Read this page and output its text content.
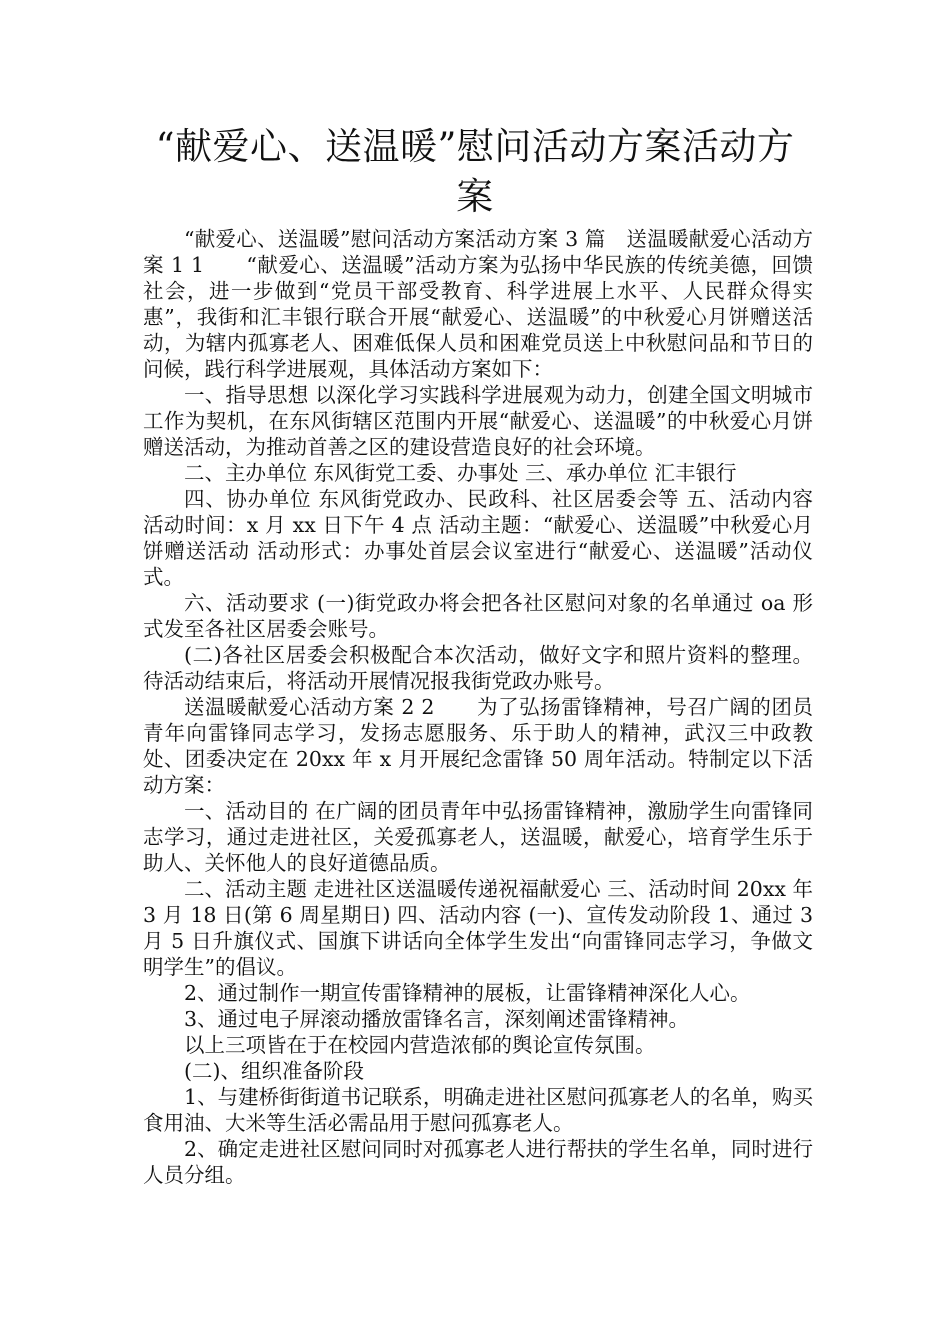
“献爱心、送温暖”慰问活动方案活动方案

“献爱心、送温暖”慰问活动方案活动方案 3 篇　送温暖献爱心活动方案 1 1　　“献爱心、送温暖”活动方案为弘扬中华民族的传统美德，回馈社会，进一步做到“党员干部受教育、科学进展上水平、人民群众得实惠”，我街和汇丰银行联合开展“献爱心、送温暖”的中秋爱心月饼赠送活动，为辖内孤寡老人、困难低保人员和困难党员送上中秋慰问品和节日的问候，践行科学进展观，具体活动方案如下：

一、指导思想 以深化学习实践科学进展观为动力，创建全国文明城市工作为契机，在东风街辖区范围内开展“献爱心、送温暖”的中秋爱心月饼赠送活动，为推动首善之区的建设营造良好的社会环境。

二、主办单位 东风街党工委、办事处 三、承办单位 汇丰银行

四、协办单位 东风街党政办、民政科、社区居委会等 五、活动内容 活动时间：x 月 xx 日下午 4 点 活动主题：“献爱心、送温暖”中秋爱心月饼赠送活动 活动形式：办事处首层会议室进行“献爱心、送温暖”活动仪式。

六、活动要求 (一)街党政办将会把各社区慰问对象的名单通过 oa 形式发至各社区居委会账号。

(二)各社区居委会积极配合本次活动，做好文字和照片资料的整理。待活动结束后，将活动开展情况报我街党政办账号。

送温暖献爱心活动方案 2 2　　为了弘扬雷锋精神，号召广阔的团员青年向雷锋同志学习，发扬志愿服务、乐于助人的精神，武汉三中政教处、团委决定在 20xx 年 x 月开展纪念雷锋 50 周年活动。特制定以下活动方案：

一、活动目的 在广阔的团员青年中弘扬雷锋精神，激励学生向雷锋同志学习，通过走进社区，关爱孤寡老人，送温暖，献爱心，培育学生乐于助人、关怀他人的良好道德品质。

二、活动主题 走进社区送温暖传递祝福献爱心 三、活动时间 20xx 年 3 月 18 日(第 6 周星期日) 四、活动内容 (一)、宣传发动阶段 1、通过 3 月 5 日升旗仪式、国旗下讲话向全体学生发出“向雷锋同志学习，争做文明学生”的倡议。

2、通过制作一期宣传雷锋精神的展板，让雷锋精神深化人心。

3、通过电子屏滚动播放雷锋名言，深刻阐述雷锋精神。

以上三项皆在于在校园内营造浓郁的舆论宣传氛围。

(二)、组织准备阶段

1、与建桥街街道书记联系，明确走进社区慰问孤寡老人的名单，购买食用油、大米等生活必需品用于慰问孤寡老人。

2、确定走进社区慰问同时对孤寡老人进行帮扶的学生名单，同时进行人员分组。
